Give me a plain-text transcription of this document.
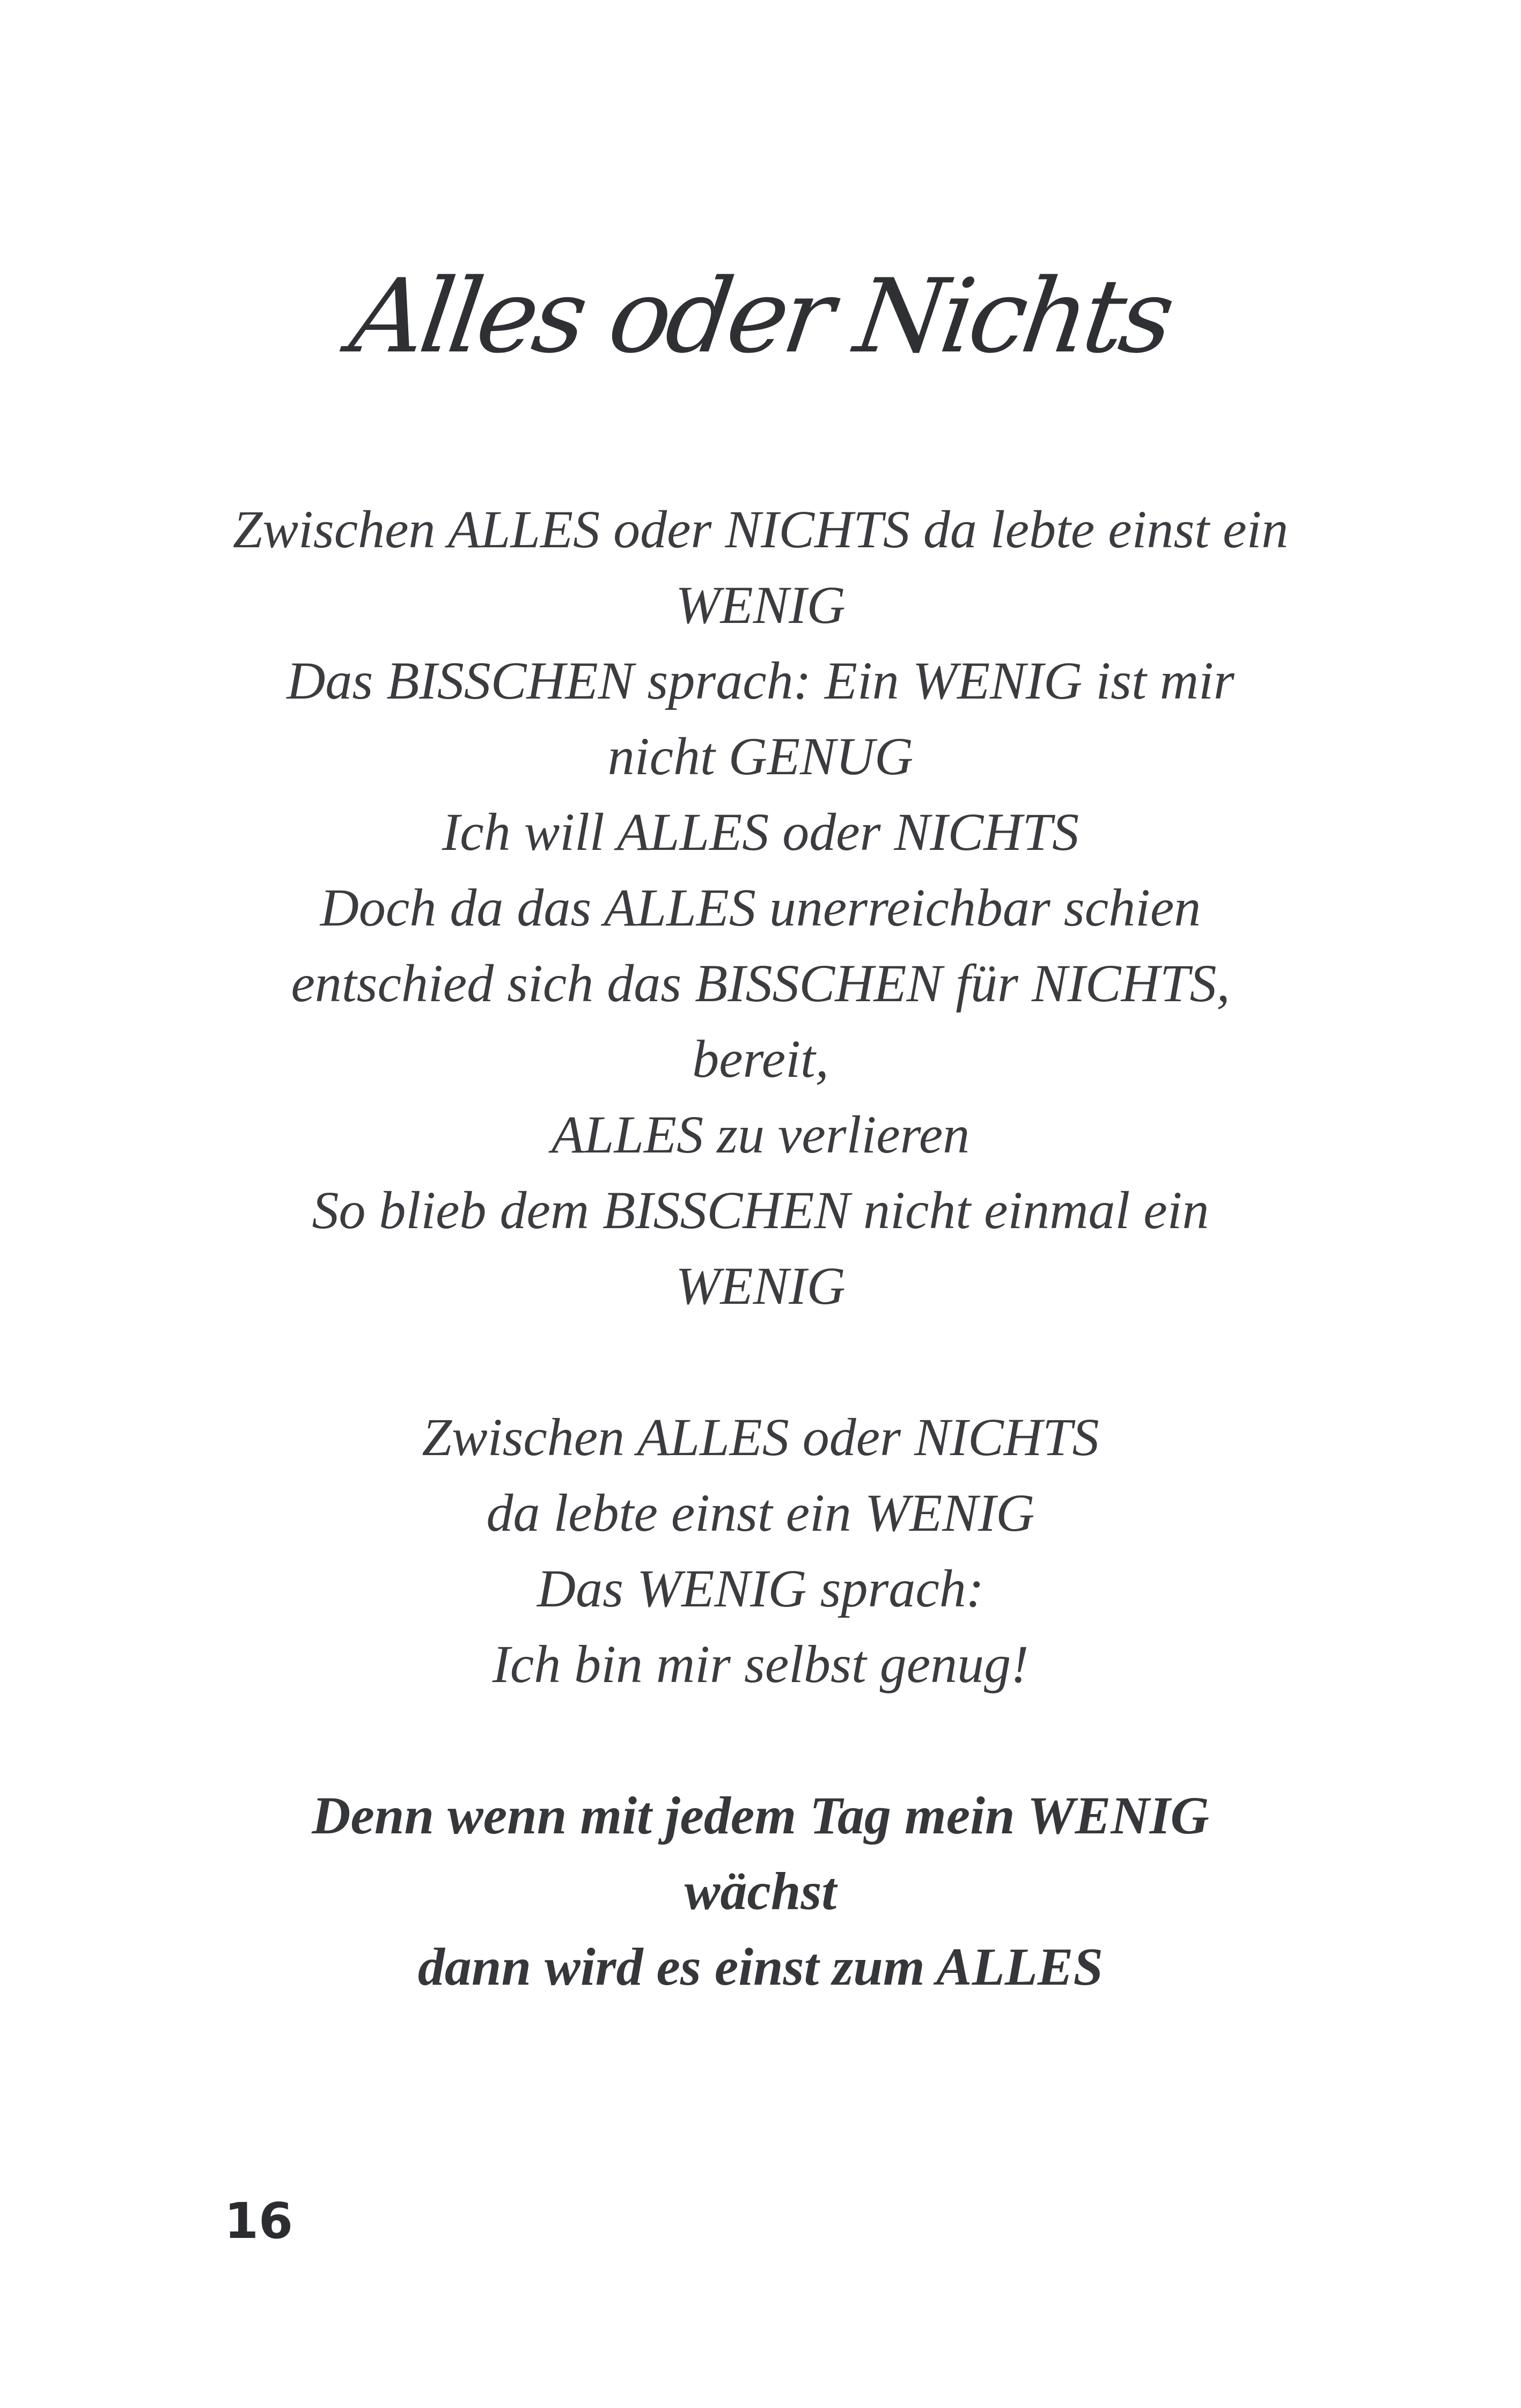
Alles oder Nichts
Zwischen ALLES oder NICHTS da lebte einst ein
WENIG
Das BISSCHEN sprach: Ein WENIG ist mir
nicht GENUG
Ich will ALLES oder NICHTS
Doch da das ALLES unerreichbar schien
entschied sich das BISSCHEN für NICHTS,
bereit,
ALLES zu verlieren
So blieb dem BISSCHEN nicht einmal ein
WENIG
Zwischen ALLES oder NICHTS
da lebte einst ein WENIG
Das WENIG sprach:
Ich bin mir selbst genug!
Denn wenn mit jedem Tag mein WENIG
wächst
dann wird es einst zum ALLES
16
